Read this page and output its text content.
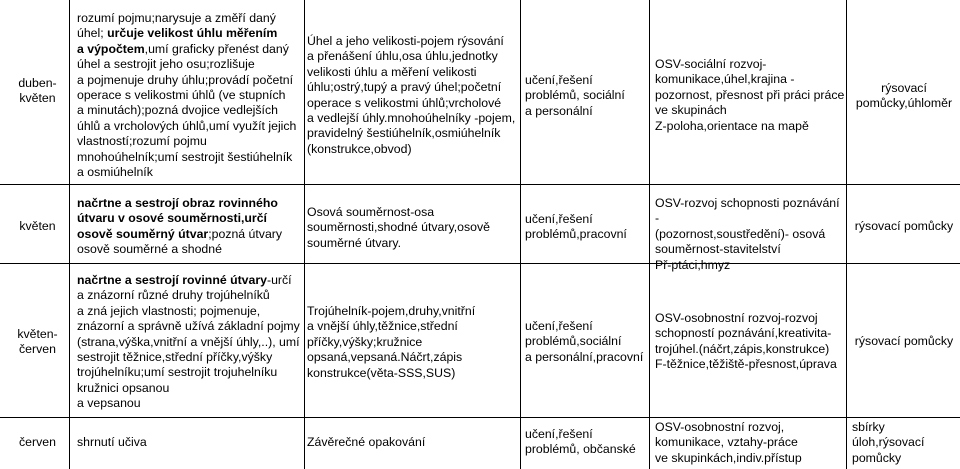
duben-
květen
rozumí pojmu;narysuje a změří daný
úhel; určuje velikost úhlu měřením
a výpočtem,umí graficky přenést daný
úhel a sestrojit jeho osu;rozlišuje
a pojmenuje druhy úhlu;provádí početní
operace s velikostmi úhlů (ve stupních
a minutách);pozná dvojice vedlejších
úhlů a vrcholových úhlů,umí využít jejich
vlastností;rozumí pojmu
mnohoúhelník;umí sestrojit šestiúhelník
a osmiúhelník
Úhel a jeho velikosti-pojem rýsování
a přenášení úhlu,osa úhlu,jednotky
velikosti úhlu a měření velikosti
úhlu;ostrý,tupý a pravý úhel;početní
operace s velikostmi úhlů;vrcholové
a vedlejší úhly.mnohoúhelníky -pojem,
pravidelný šestiúhelník,osmiúhelník
(konstrukce,obvod)
učení,řešení
problémů, sociální
a personální
OSV-sociální rozvoj-
komunikace,úhel,krajina -
pozornost, přesnost při práci práce
ve skupinách
Z-poloha,orientace na mapě
rýsovací
pomůcky,úhloměr
květen
načrtne a sestrojí obraz rovinného
útvaru v osové souměrnosti,určí
osově souměrný útvar;pozná útvary
osově souměrné a shodné
Osová souměrnost-osa
souměrnosti,shodné útvary,osově
souměrné útvary.
učení,řešení
problémů,pracovní
OSV-rozvoj schopnosti poznávání -
(pozornost,soustředění)- osová
souměrnost-stavitelství
Př-ptáci,hmyz
rýsovací pomůcky
květen-
červen
načrtne a sestrojí rovinné útvary-určí
a znázorní různé druhy trojúhelníků
a zná jejich vlastnosti; pojmenuje,
znázorní a správně užívá základní pojmy
(strana,výška,vnitřní a vnější úhly,..), umí
sestrojit těžnice,střední příčky,výšky
trojúhelníku;umí sestrojit trojuhelníku
kružnici opsanou
a vepsanou
Trojúhelník-pojem,druhy,vnitřní
a vnější úhly,těžnice,střední
příčky,výšky;kružnice
opsaná,vepsaná.Náčrt,zápis
konstrukce(věta-SSS,SUS)
učení,řešení
problémů,sociální
a personální,pracovní
OSV-osobnostní rozvoj-rozvoj
schopností poznávání,kreativita-
trojúhel.(náčrt,zápis,konstrukce)
F-těžnice,těžiště-přesnost,úprava
rýsovací pomůcky
červen	shrnutí učiva	Závěrečné opakování
učení,řešení
problémů, občanské
OSV-osobnostní rozvoj,
komunikace, vztahy-práce
ve skupinkách,indiv.přístup
sbírky
úloh,rýsovací
pomůcky
